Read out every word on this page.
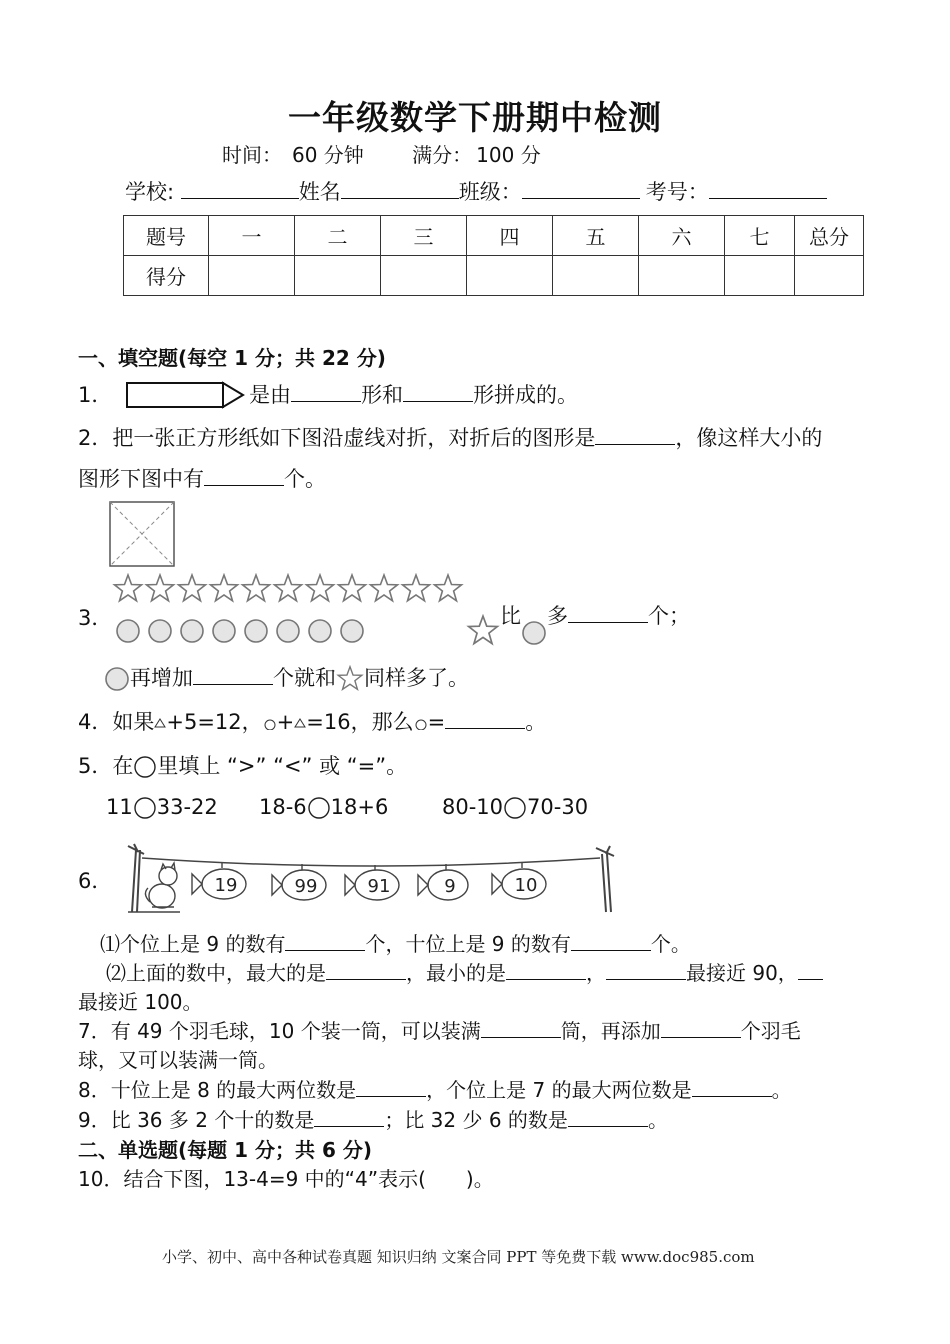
一年级数学下册期中检测
时间： 60 分钟 满分： 100 分
学校:	姓名	班级：	考号：
题号	一	二	三	四	五	六	七	总分
得分								
一、填空题(每空 1 分；共 22 分)
1．	是由	形和	形拼成的。
2．把一张正方形纸如下图沿虚线对折，对折后的图形是	，像这样大小的
图形下图中有	个。
3．	比 多	个；
再增加	个就和 同样多了。
4．如果 +5=12， + =16，那么 =	。
5．在 里填上 “>” “<” 或 “=”。
11 33-22 18-6 18+6	80-10 70-30
6．	19	99	91	9	10
⑴个位上是 9 的数有	个，十位上是 9 的数有	个。
⑵上面的数中，最大的是	，最小的是	，	最接近 90，
最接近 100。
7．有 49 个羽毛球，10 个装一筒，可以装满	筒，再添加	个羽毛
球，又可以装满一筒。
8．十位上是 8 的最大两位数是	，个位上是 7 的最大两位数是	。
9．比 36 多 2 个十的数是	；比 32 少 6 的数是	。
二、单选题(每题 1 分；共 6 分)
10．结合下图，13-4=9 中的“4”表示(　　)。
小学、初中、高中各种试卷真题 知识归纳 文案合同 PPT 等免费下载 www.doc985.com
